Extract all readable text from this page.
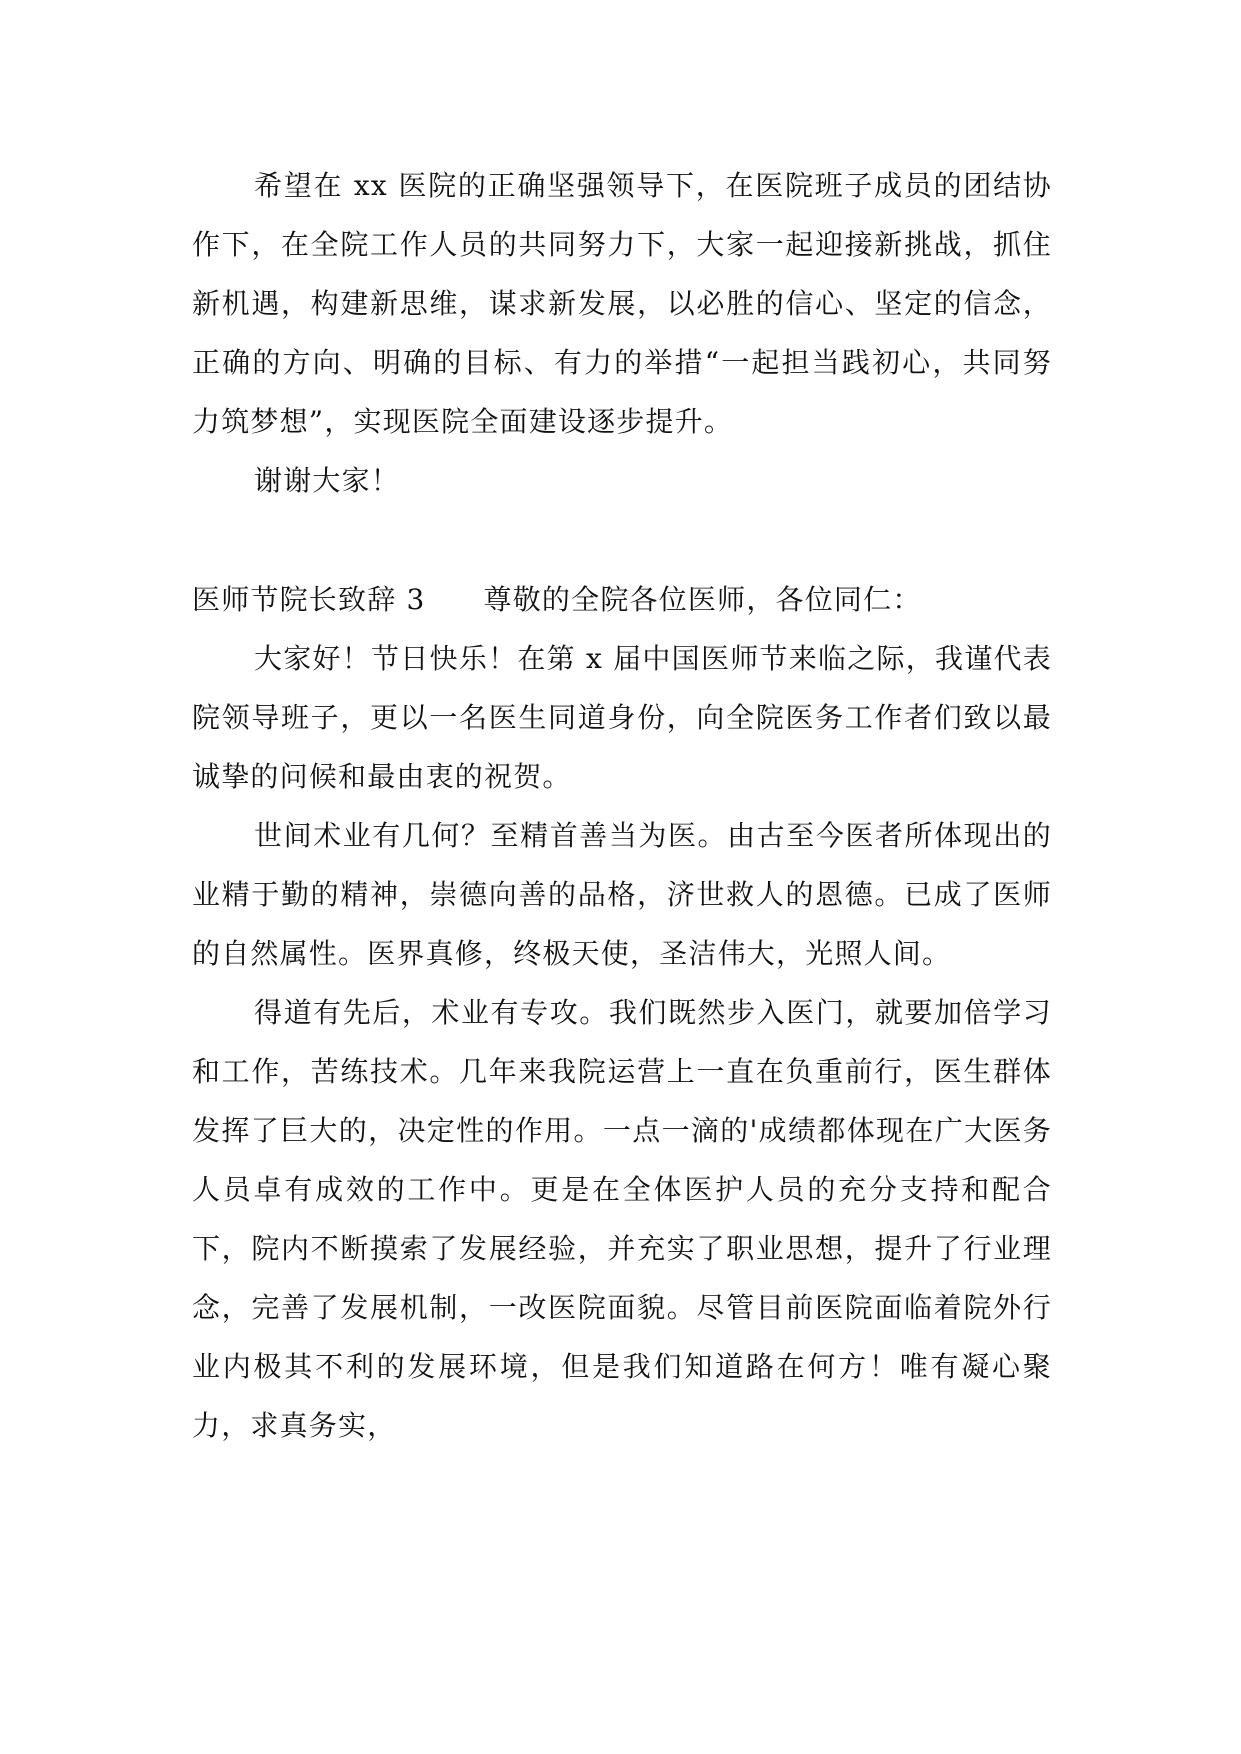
希望在 xx 医院的正确坚强领导下，在医院班子成员的团结协作下，在全院工作人员的共同努力下，大家一起迎接新挑战，抓住新机遇，构建新思维，谋求新发展，以必胜的信心、坚定的信念，正确的方向、明确的目标、有力的举措“一起担当践初心，共同努力筑梦想”，实现医院全面建设逐步提升。

谢谢大家！

医师节院长致辞 3 尊敬的全院各位医师，各位同仁：

大家好！节日快乐！在第 x 届中国医师节来临之际，我谨代表院领导班子，更以一名医生同道身份，向全院医务工作者们致以最诚挚的问候和最由衷的祝贺。

世间术业有几何？至精首善当为医。由古至今医者所体现出的业精于勤的精神，崇德向善的品格，济世救人的恩德。已成了医师的自然属性。医界真修，终极天使，圣洁伟大，光照人间。

得道有先后，术业有专攻。我们既然步入医门，就要加倍学习和工作，苦练技术。几年来我院运营上一直在负重前行，医生群体发挥了巨大的，决定性的作用。一点一滴的'成绩都体现在广大医务人员卓有成效的工作中。更是在全体医护人员的充分支持和配合下，院内不断摸索了发展经验，并充实了职业思想，提升了行业理念，完善了发展机制，一改医院面貌。尽管目前医院面临着院外行业内极其不利的发展环境，但是我们知道路在何方！唯有凝心聚力，求真务实，
